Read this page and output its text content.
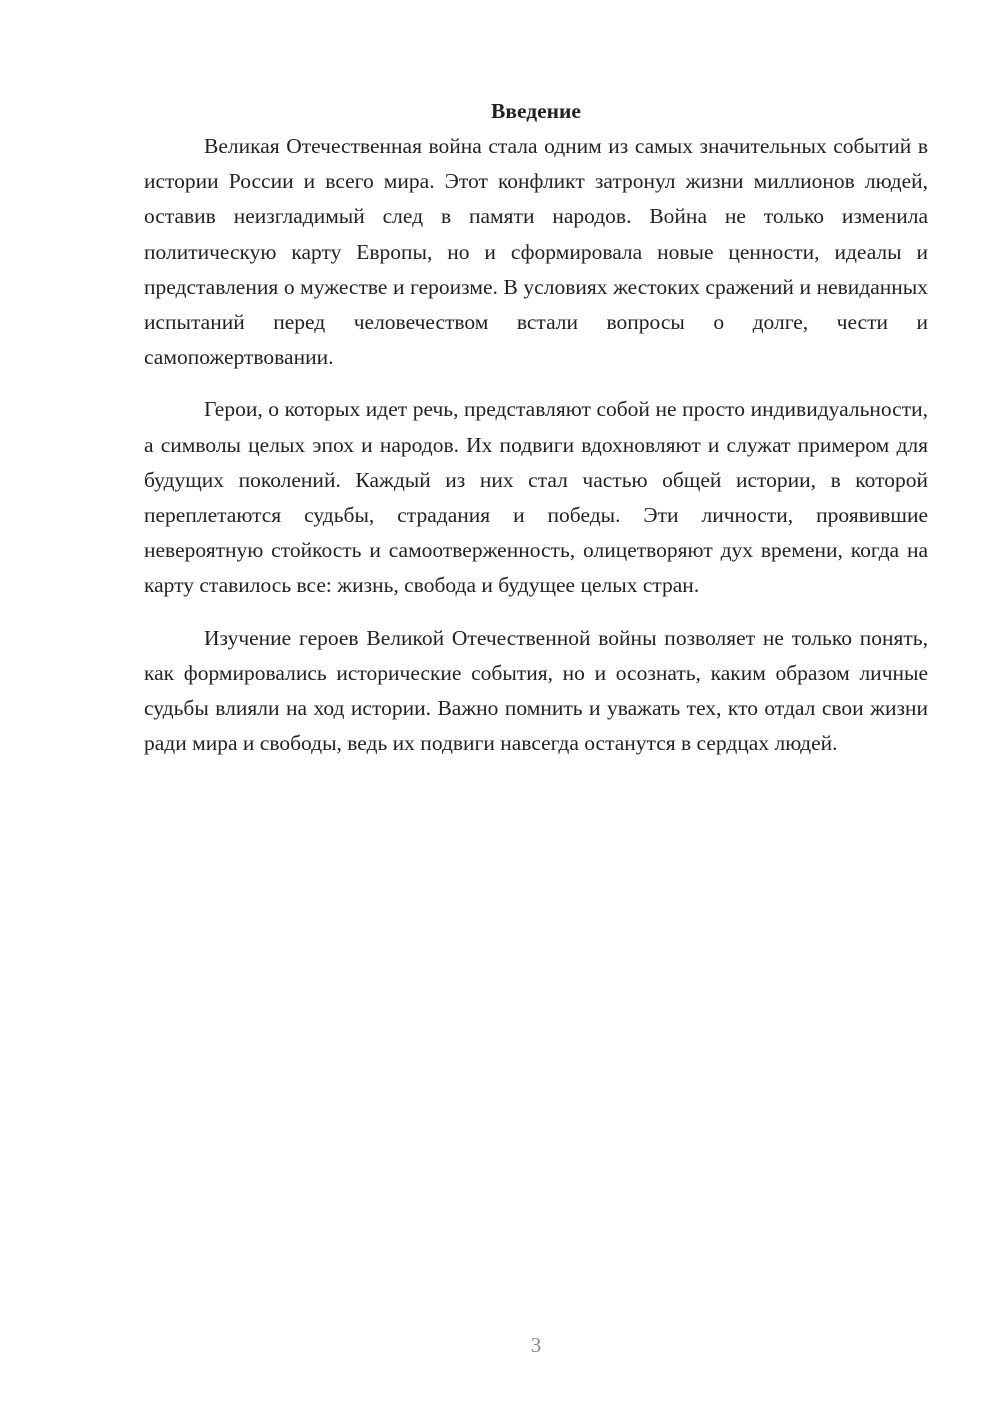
Введение

Великая Отечественная война стала одним из самых значительных событий в истории России и всего мира. Этот конфликт затронул жизни миллионов людей, оставив неизгладимый след в памяти народов. Война не только изменила политическую карту Европы, но и сформировала новые ценности, идеалы и представления о мужестве и героизме. В условиях жестоких сражений и невиданных испытаний перед человечеством встали вопросы о долге, чести и самопожертвовании.

Герои, о которых идет речь, представляют собой не просто индивидуальности, а символы целых эпох и народов. Их подвиги вдохновляют и служат примером для будущих поколений. Каждый из них стал частью общей истории, в которой переплетаются судьбы, страдания и победы. Эти личности, проявившие невероятную стойкость и самоотверженность, олицетворяют дух времени, когда на карту ставилось все: жизнь, свобода и будущее целых стран.

Изучение героев Великой Отечественной войны позволяет не только понять, как формировались исторические события, но и осознать, каким образом личные судьбы влияли на ход истории. Важно помнить и уважать тех, кто отдал свои жизни ради мира и свободы, ведь их подвиги навсегда останутся в сердцах людей.

3
